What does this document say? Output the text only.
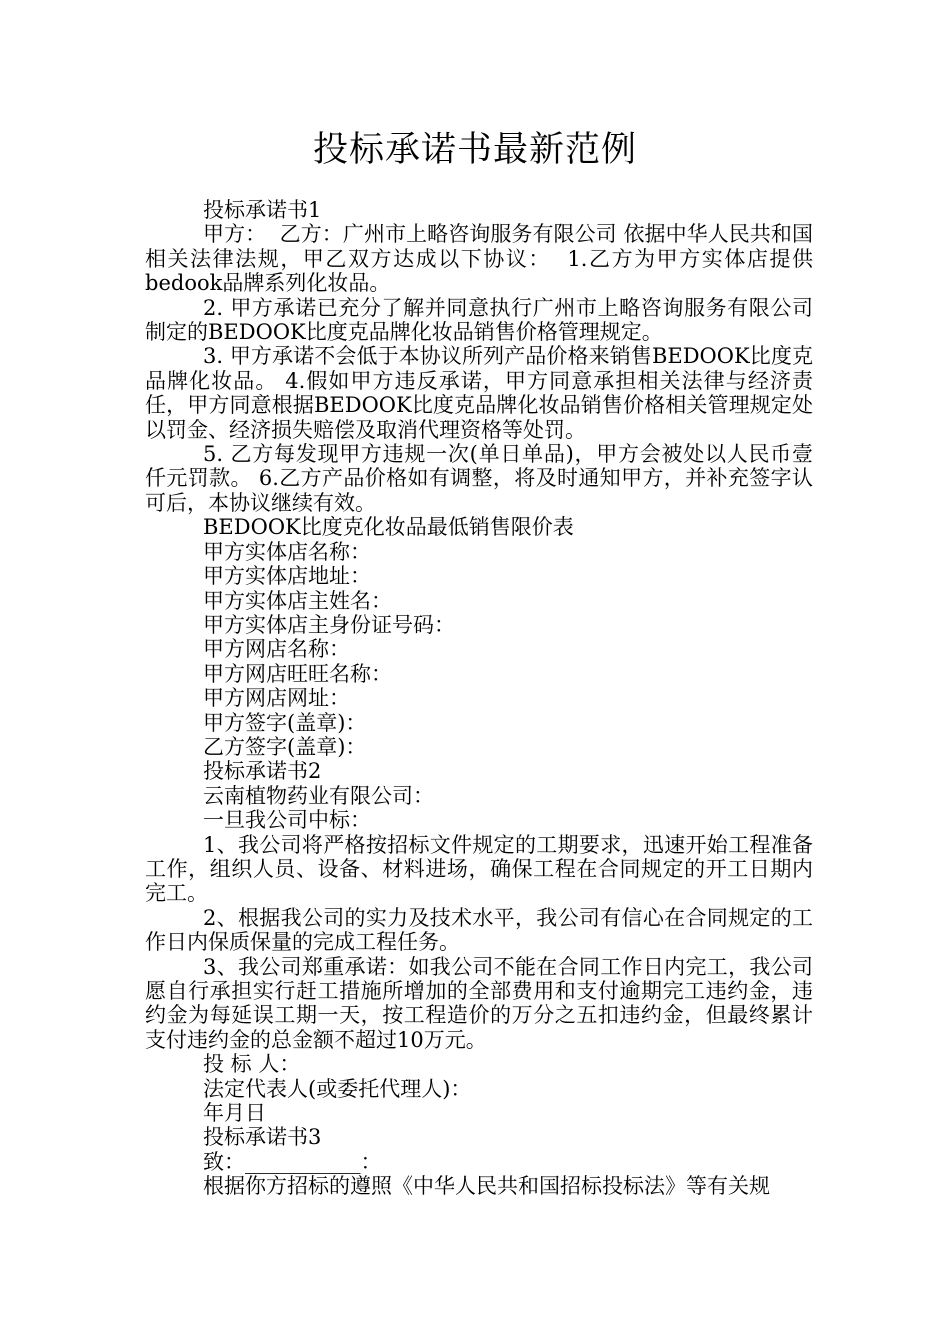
投标承诺书最新范例

投标承诺书1

甲方：  乙方：广州市上略咨询服务有限公司 依据中华人民共和国相关法律法规，甲乙双方达成以下协议：  1.乙方为甲方实体店提供bedook品牌系列化妆品。

2. 甲方承诺已充分了解并同意执行广州市上略咨询服务有限公司制定的BEDOOK比度克品牌化妆品销售价格管理规定。

3. 甲方承诺不会低于本协议所列产品价格来销售BEDOOK比度克品牌化妆品。 4.假如甲方违反承诺，甲方同意承担相关法律与经济责任，甲方同意根据BEDOOK比度克品牌化妆品销售价格相关管理规定处以罚金、经济损失赔偿及取消代理资格等处罚。

5. 乙方每发现甲方违规一次(单日单品)，甲方会被处以人民币壹仟元罚款。 6.乙方产品价格如有调整，将及时通知甲方，并补充签字认可后，本协议继续有效。

BEDOOK比度克化妆品最低销售限价表

甲方实体店名称：

甲方实体店地址：

甲方实体店主姓名：

甲方实体店主身份证号码：

甲方网店名称：

甲方网店旺旺名称：

甲方网店网址：

甲方签字(盖章)：

乙方签字(盖章)：

投标承诺书2

云南植物药业有限公司：

一旦我公司中标：

1、我公司将严格按招标文件规定的工期要求，迅速开始工程准备工作，组织人员、设备、材料进场，确保工程在合同规定的开工日期内完工。

2、根据我公司的实力及技术水平，我公司有信心在合同规定的工作日内保质保量的完成工程任务。

3、我公司郑重承诺：如我公司不能在合同工作日内完工，我公司愿自行承担实行赶工措施所增加的全部费用和支付逾期完工违约金，违约金为每延误工期一天，按工程造价的万分之五扣违约金，但最终累计支付违约金的总金额不超过10万元。

投 标 人：

法定代表人(或委托代理人)：

年月日

投标承诺书3

致：___________：

根据你方招标的遵照《中华人民共和国招标投标法》等有关规
